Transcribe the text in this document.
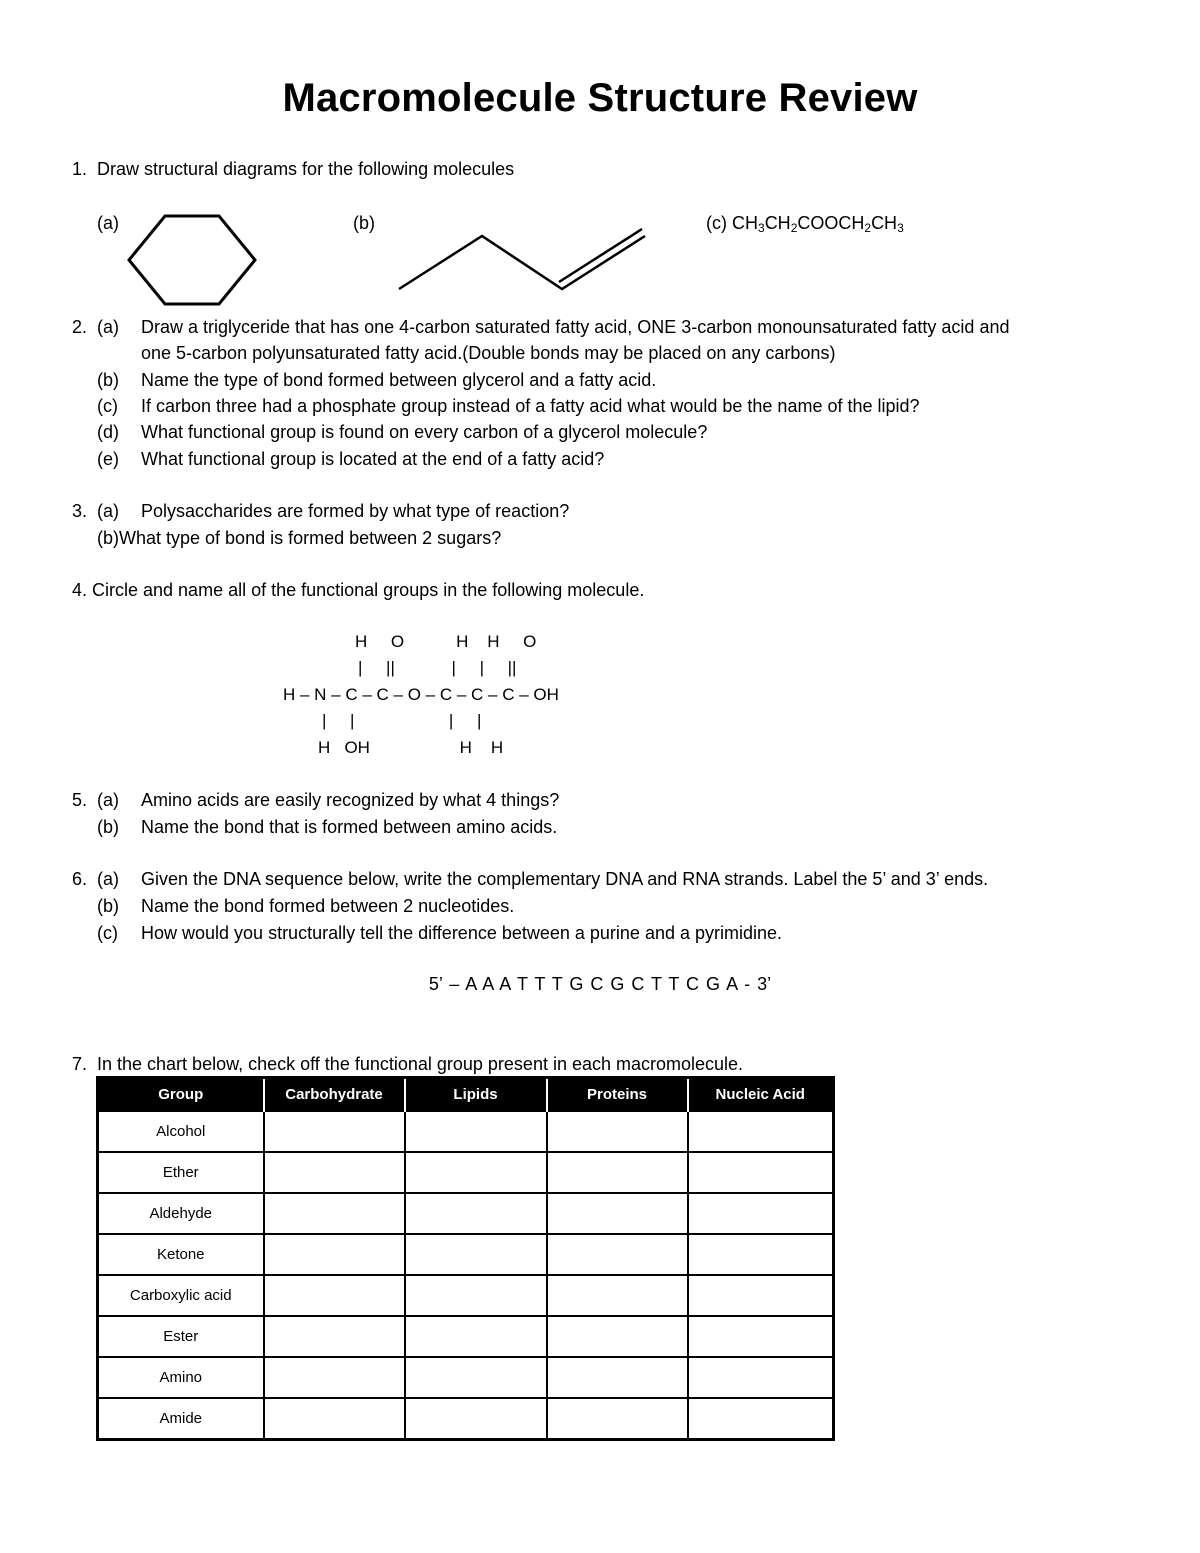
Macromolecule Structure Review
1. Draw structural diagrams for the following molecules
(a)	(b)	(c) $CH_3CH_2COOCH_2CH_3$
2. (a) Draw a triglyceride that has one 4-carbon saturated fatty acid, ONE 3-carbon monounsaturated fatty acid and
one 5-carbon polyunsaturated fatty acid.(Double bonds may be placed on any carbons)
(b) Name the type of bond formed between glycerol and a fatty acid.
(c) If carbon three had a phosphate group instead of a fatty acid what would be the name of the lipid?
(d) What functional group is found on every carbon of a glycerol molecule?
(e) What functional group is located at the end of a fatty acid?
3. (a) Polysaccharides are formed by what type of reaction?
(b)What type of bond is formed between 2 sugars?
4. Circle and name all of the functional groups in the following molecule.
H     O           H    H     O
|     ||            |     |     ||
H – N – C – C – O – C – C – C – OH
|     |                    |     |
H   OH                   H    H
5. (a) Amino acids are easily recognized by what 4 things?
(b) Name the bond that is formed between amino acids.
6. (a) Given the DNA sequence below, write the complementary DNA and RNA strands. Label the 5’ and 3’ ends.
(b) Name the bond formed between 2 nucleotides.
(c) How would you structurally tell the difference between a purine and a pyrimidine.
5’ – A A A T T T G C G C T T C G A - 3’
7. In the chart below, check off the functional group present in each macromolecule.
Group	Carbohydrate	Lipids	Proteins	Nucleic Acid
Alcohol				
Ether				
Aldehyde				
Ketone				
Carboxylic acid				
Ester				
Amino				
Amide				
